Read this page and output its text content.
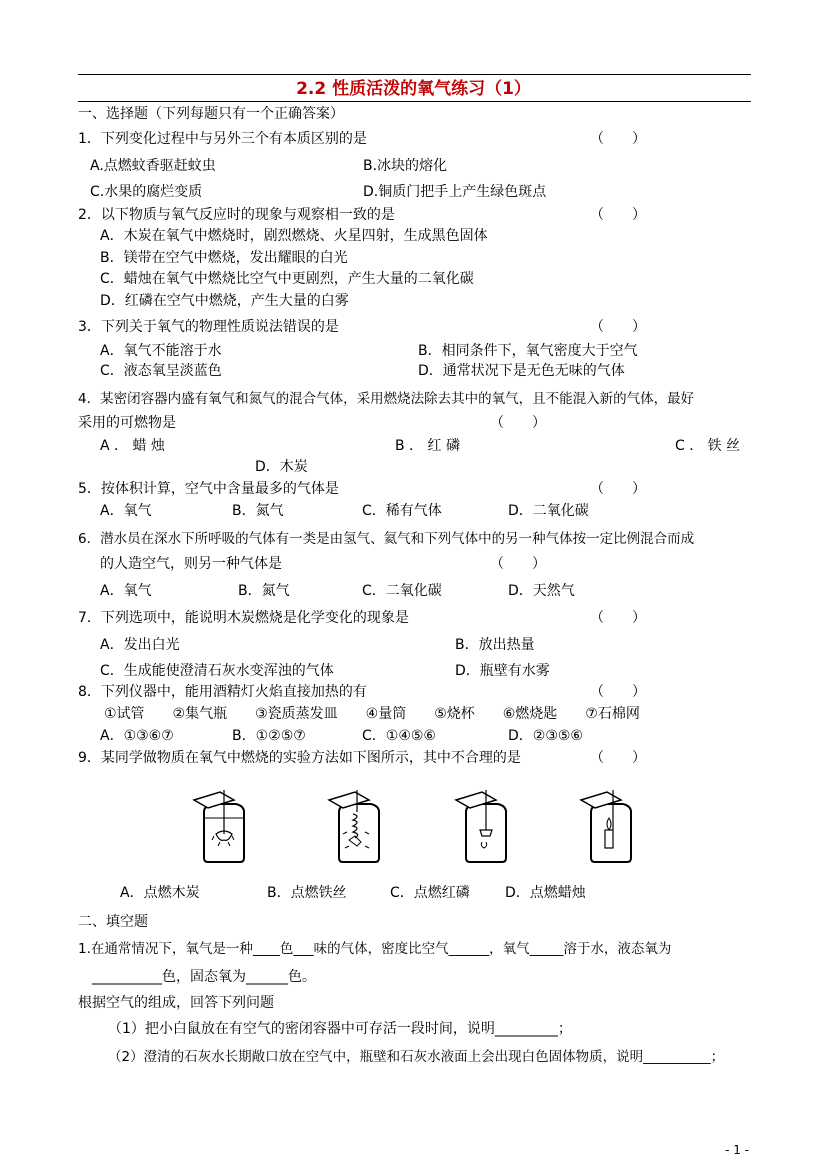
2.2 性质活泼的氧气练习（1）
一、选择题（下列每题只有一个正确答案）
1．下列变化过程中与另外三个有本质区别的是	（　　）
A.点燃蚊香驱赶蚊虫	B.冰块的熔化
C.水果的腐烂变质	D.铜质门把手上产生绿色斑点
2．以下物质与氧气反应时的现象与观察相一致的是	（　　）
A．木炭在氧气中燃烧时，剧烈燃烧、火星四射，生成黑色固体
B．镁带在空气中燃烧，发出耀眼的白光
C．蜡烛在氧气中燃烧比空气中更剧烈，产生大量的二氧化碳
D．红磷在空气中燃烧，产生大量的白雾
3．下列关于氧气的物理性质说法错误的是	（　　）
A．氧气不能溶于水	B．相同条件下，氧气密度大于空气
C．液态氧呈淡蓝色	D．通常状况下是无色无味的气体
4．某密闭容器内盛有氧气和氮气的混合气体，采用燃烧法除去其中的氧气，且不能混入新的气体，最好
采用的可燃物是	（　　）
A ． 蜡 烛	B ． 红 磷	C ． 铁 丝
D．木炭
5．按体积计算，空气中含量最多的气体是	（　　）
A．氧气	B．氮气	C．稀有气体	D．二氧化碳
6．潜水员在深水下所呼吸的气体有一类是由氢气、氦气和下列气体中的另一种气体按一定比例混合而成
的人造空气，则另一种气体是	（　　）
A．氧气	B．氮气	C．二氧化碳	D．天然气
7．下列选项中，能说明木炭燃烧是化学变化的现象是	（　　）
A．发出白光	B．放出热量
C．生成能使澄清石灰水变浑浊的气体	D．瓶壁有水雾
8．下列仪器中，能用酒精灯火焰直接加热的有	（　　）
①试管　　②集气瓶　　③瓷质蒸发皿　　④量筒　　⑤烧杯　　⑥燃烧匙　　⑦石棉网
A．①③⑥⑦	B．①②⑤⑦	C．①④⑤⑥	D．②③⑤⑥
9．某同学做物质在氧气中燃烧的实验方法如下图所示，其中不合理的是	（　　）
A．点燃木炭	B．点燃铁丝	C．点燃红磷	D．点燃蜡烛
二、填空题
1.在通常情况下，氧气是一种____色___味的气体，密度比空气______，氧气_____溶于水，液态氧为
__________色，固态氧为______色。
根据空气的组成，回答下列问题
（1）把小白鼠放在有空气的密闭容器中可存活一段时间，说明_________；
（2）澄清的石灰水长期敞口放在空气中，瓶壁和石灰水液面上会出现白色固体物质，说明__________；
- 1 -
